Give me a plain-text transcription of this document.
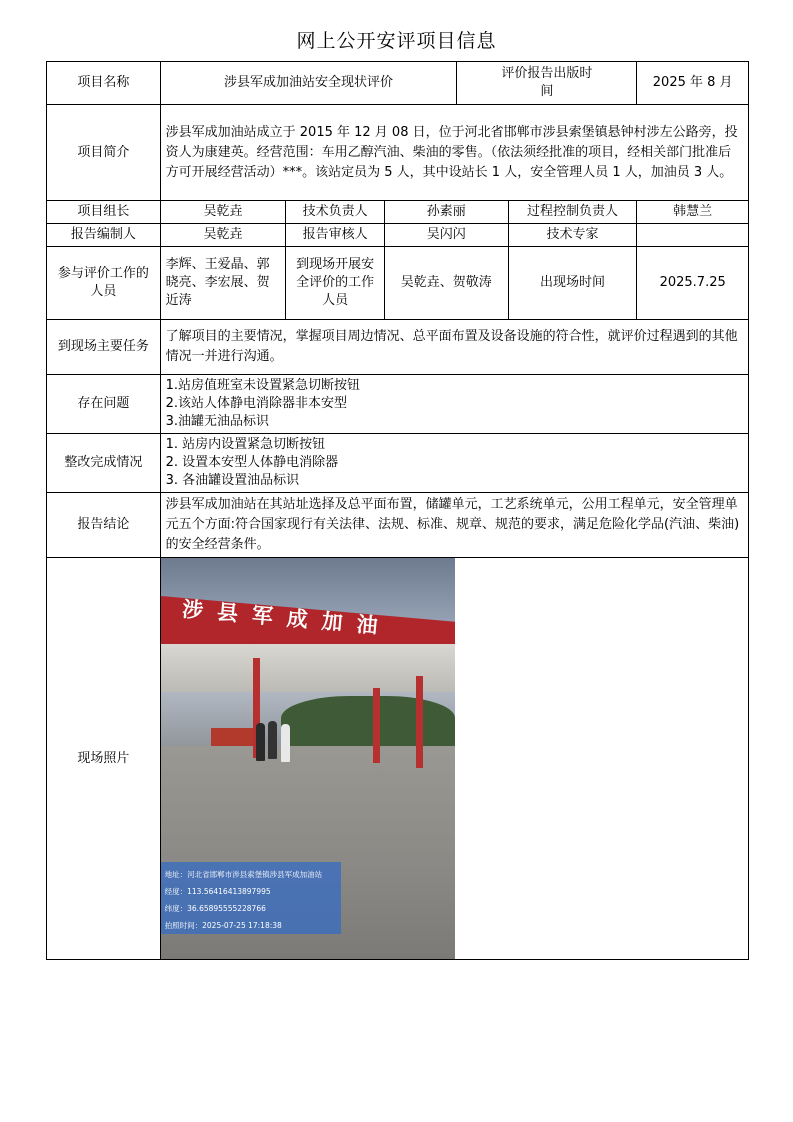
网上公开安评项目信息
项目名称	涉县军成加油站安全现状评价			评价报告出版时间		2025 年 8 月
项目简介	涉县军成加油站成立于 2015 年 12 月 08 日，位于河北省邯郸市涉县索堡镇悬钟村涉左公路旁，投资人为康建英。经营范围：车用乙醇汽油、柴油的零售。（依法须经批准的项目，经相关部门批准后方可开展经营活动）***。该站定员为 5 人，其中设站长 1 人，安全管理人员 1 人，加油员 3 人。					
项目组长	吴乾垚	技术负责人	孙素丽		过程控制负责人	韩慧兰
报告编制人	吴乾垚	报告审核人	吴闪闪		技术专家	
参与评价工作的人员	李辉、王爱晶、郭晓亮、李宏展、贺近涛	到现场开展安全评价的工作人员	吴乾垚、贺敬涛		出现场时间	2025.7.25
到现场主要任务	了解项目的主要情况，掌握项目周边情况、总平面布置及设备设施的符合性，就评价过程遇到的其他情况一并进行沟通。					
存在问题	1.站房值班室未设置紧急切断按钮
2.该站人体静电消除器非本安型
3.油罐无油品标识					

整改完成情况	1. 站房内设置紧急切断按钮
2. 设置本安型人体静电消除器
3. 各油罐设置油品标识					

报告结论	涉县军成加油站在其站址选择及总平面布置，储罐单元，工艺系统单元，公用工程单元，安全管理单元五个方面:符合国家现行有关法律、法规、标准、规章、规范的要求，满足危险化学品(汽油、柴油)的安全经营条件。					
现场照片	涉县军成加油
地址：河北省邯郸市涉县索堡镇涉县军成加油站
经度：113.56416413897995
纬度：36.65895555228766
拍照时间：2025-07-25 17:18:38					
